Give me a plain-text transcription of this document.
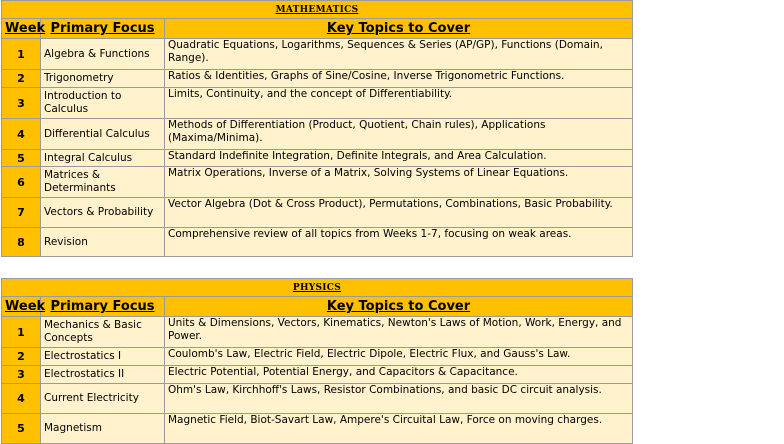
MATHEMATICS		
Week	Primary Focus	Key Topics to Cover
1	Algebra & Functions	Quadratic Equations, Logarithms, Sequences & Series (AP/GP), Functions (Domain, Range).
2	Trigonometry	Ratios & Identities, Graphs of Sine/Cosine, Inverse Trigonometric Functions.
3	Introduction to Calculus	Limits, Continuity, and the concept of Differentiability.
4	Differential Calculus	Methods of Differentiation (Product, Quotient, Chain rules), Applications (Maxima/Minima).
5	Integral Calculus	Standard Indefinite Integration, Definite Integrals, and Area Calculation.
6	Matrices & Determinants	Matrix Operations, Inverse of a Matrix, Solving Systems of Linear Equations.
7	Vectors & Probability	Vector Algebra (Dot & Cross Product), Permutations, Combinations, Basic Probability.
8	Revision	Comprehensive review of all topics from Weeks 1-7, focusing on weak areas.
PHYSICS		
Week	Primary Focus	Key Topics to Cover
1	Mechanics & Basic Concepts	Units & Dimensions, Vectors, Kinematics, Newton's Laws of Motion, Work, Energy, and Power.
2	Electrostatics I	Coulomb's Law, Electric Field, Electric Dipole, Electric Flux, and Gauss's Law.
3	Electrostatics II	Electric Potential, Potential Energy, and Capacitors & Capacitance.
4	Current Electricity	Ohm's Law, Kirchhoff's Laws, Resistor Combinations, and basic DC circuit analysis.
5	Magnetism	Magnetic Field, Biot-Savart Law, Ampere's Circuital Law, Force on moving charges.
